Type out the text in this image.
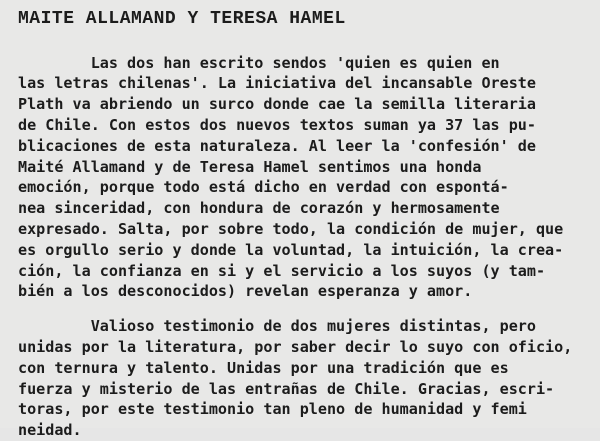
MAITE ALLAMAND Y TERESA HAMEL
Las dos han escrito sendos 'quien es quien en
las letras chilenas'. La iniciativa del incansable Oreste
Plath va abriendo un surco donde cae la semilla literaria
de Chile. Con estos dos nuevos textos suman ya 37 las pu-
blicaciones de esta naturaleza. Al leer la 'confesión' de
Maité Allamand y de Teresa Hamel sentimos una honda
emoción, porque todo está dicho en verdad con espontá-
nea sinceridad, con hondura de corazón y hermosamente
expresado. Salta, por sobre todo, la condición de mujer, que
es orgullo serio y donde la voluntad, la intuición, la crea-
ción, la confianza en si y el servicio a los suyos (y tam-
bién a los desconocidos) revelan esperanza y amor.
Valioso testimonio de dos mujeres distintas, pero
unidas por la literatura, por saber decir lo suyo con oficio,
con ternura y talento. Unidas por una tradición que es
fuerza y misterio de las entrañas de Chile. Gracias, escri-
toras, por este testimonio tan pleno de humanidad y femi
neidad.
